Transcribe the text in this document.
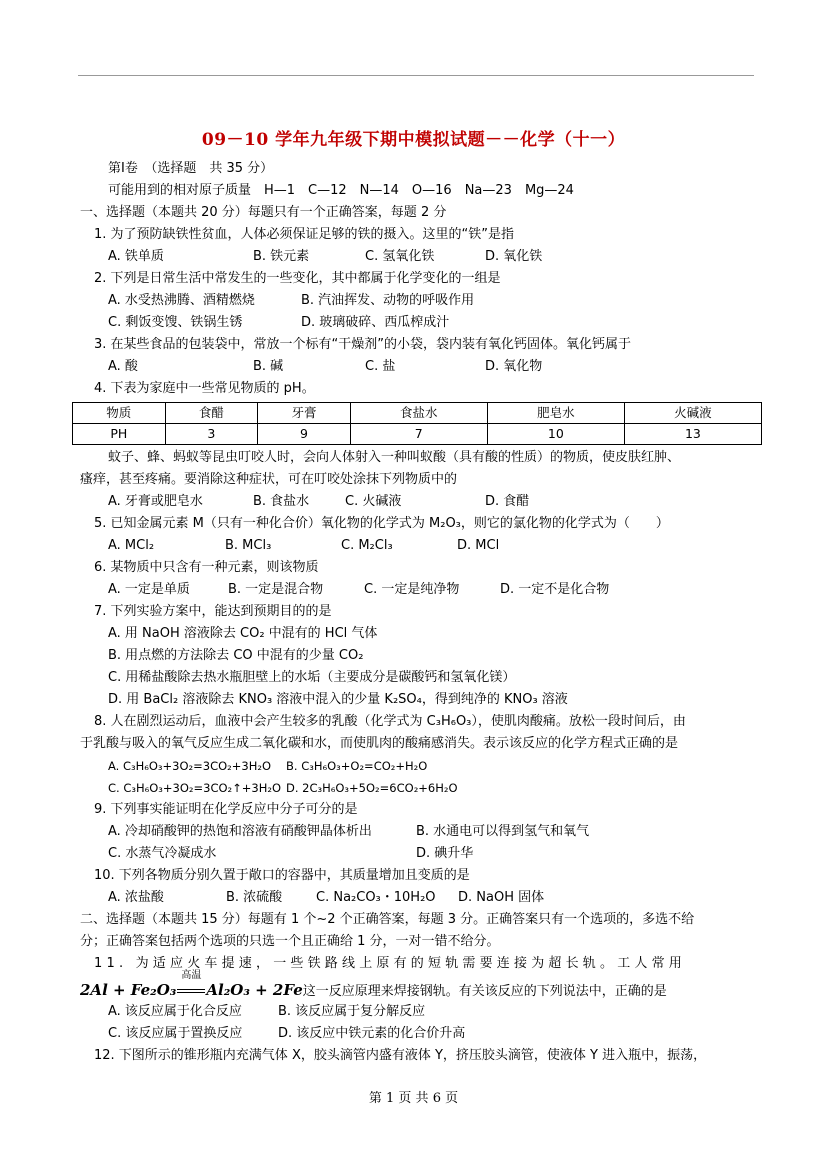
09－10 学年九年级下期中模拟试题－－化学（十一）
第Ⅰ卷　（选择题　共 35 分）
可能用到的相对原子质量　H—1　C—12　N—14　O—16　Na—23　Mg—24
一、选择题（本题共 20 分）每题只有一个正确答案，每题 2 分
1. 为了预防缺铁性贫血，人体必须保证足够的铁的摄入。这里的“铁”是指
A. 铁单质	B. 铁元素	C. 氢氧化铁	D. 氧化铁
2. 下列是日常生活中常发生的一些变化，其中都属于化学变化的一组是
A. 水受热沸腾、酒精燃烧	B. 汽油挥发、动物的呼吸作用
C. 剩饭变馊、铁锅生锈	D. 玻璃破碎、西瓜榨成汁
3. 在某些食品的包装袋中，常放一个标有“干燥剂”的小袋，袋内装有氧化钙固体。氧化钙属于
A. 酸	B. 碱	C. 盐	D. 氧化物
4. 下表为家庭中一些常见物质的 pH。
物质	食醋	牙膏	食盐水	肥皂水	火碱液
PH	3	9	7	10	13
蚊子、蜂、蚂蚁等昆虫叮咬人时，会向人体射入一种叫蚁酸（具有酸的性质）的物质，使皮肤红肿、
瘙痒，甚至疼痛。要消除这种症状，可在叮咬处涂抹下列物质中的
A. 牙膏或肥皂水	B. 食盐水	C. 火碱液	D. 食醋
5. 已知金属元素 M（只有一种化合价）氧化物的化学式为 M₂O₃，则它的氯化物的化学式为（　　）
A. MCl₂	B. MCl₃	C. M₂Cl₃	D. MCl
6. 某物质中只含有一种元素，则该物质
A. 一定是单质	B. 一定是混合物	C. 一定是纯净物	D. 一定不是化合物
7. 下列实验方案中，能达到预期目的的是
A. 用 NaOH 溶液除去 CO₂ 中混有的 HCl 气体
B. 用点燃的方法除去 CO 中混有的少量 CO₂
C. 用稀盐酸除去热水瓶胆壁上的水垢（主要成分是碳酸钙和氢氧化镁）
D. 用 BaCl₂ 溶液除去 KNO₃ 溶液中混入的少量 K₂SO₄，得到纯净的 KNO₃ 溶液
8. 人在剧烈运动后，血液中会产生较多的乳酸（化学式为 C₃H₆O₃），使肌肉酸痛。放松一段时间后，由
于乳酸与吸入的氧气反应生成二氧化碳和水，而使肌肉的酸痛感消失。表示该反应的化学方程式正确的是
A. C₃H₆O₃+3O₂=3CO₂+3H₂O	B. C₃H₆O₃+O₂=CO₂+H₂O
C. C₃H₆O₃+3O₂=3CO₂↑+3H₂O D. 2C₃H₆O₃+5O₂=6CO₂+6H₂O
9. 下列事实能证明在化学反应中分子可分的是
A. 冷却硝酸钾的热饱和溶液有硝酸钾晶体析出	B. 水通电可以得到氢气和氧气
C. 水蒸气冷凝成水	D. 碘升华
10. 下列各物质分别久置于敞口的容器中，其质量增加且变质的是
A. 浓盐酸	B. 浓硫酸	C. Na₂CO₃・10H₂O	D. NaOH 固体
二、选择题（本题共 15 分）每题有 1 个~2 个正确答案，每题 3 分。正确答案只有一个选项的，多选不给
分；正确答案包括两个选项的只选一个且正确给 1 分，一对一错不给分。
11. 为适应火车提速，一些铁路线上原有的短轨需要连接为超长轨。工人常用
2Al + Fe₂O₃
高温
Al₂O₃ + 2Fe这一反应原理来焊接钢轨。有关该反应的下列说法中，正确的是
A. 该反应属于化合反应	B. 该反应属于复分解反应
C. 该反应属于置换反应	D. 该反应中铁元素的化合价升高
12. 下图所示的锥形瓶内充满气体 X，胶头滴管内盛有液体 Y，挤压胶头滴管，使液体 Y 进入瓶中，振荡，
第 1 页 共 6 页
